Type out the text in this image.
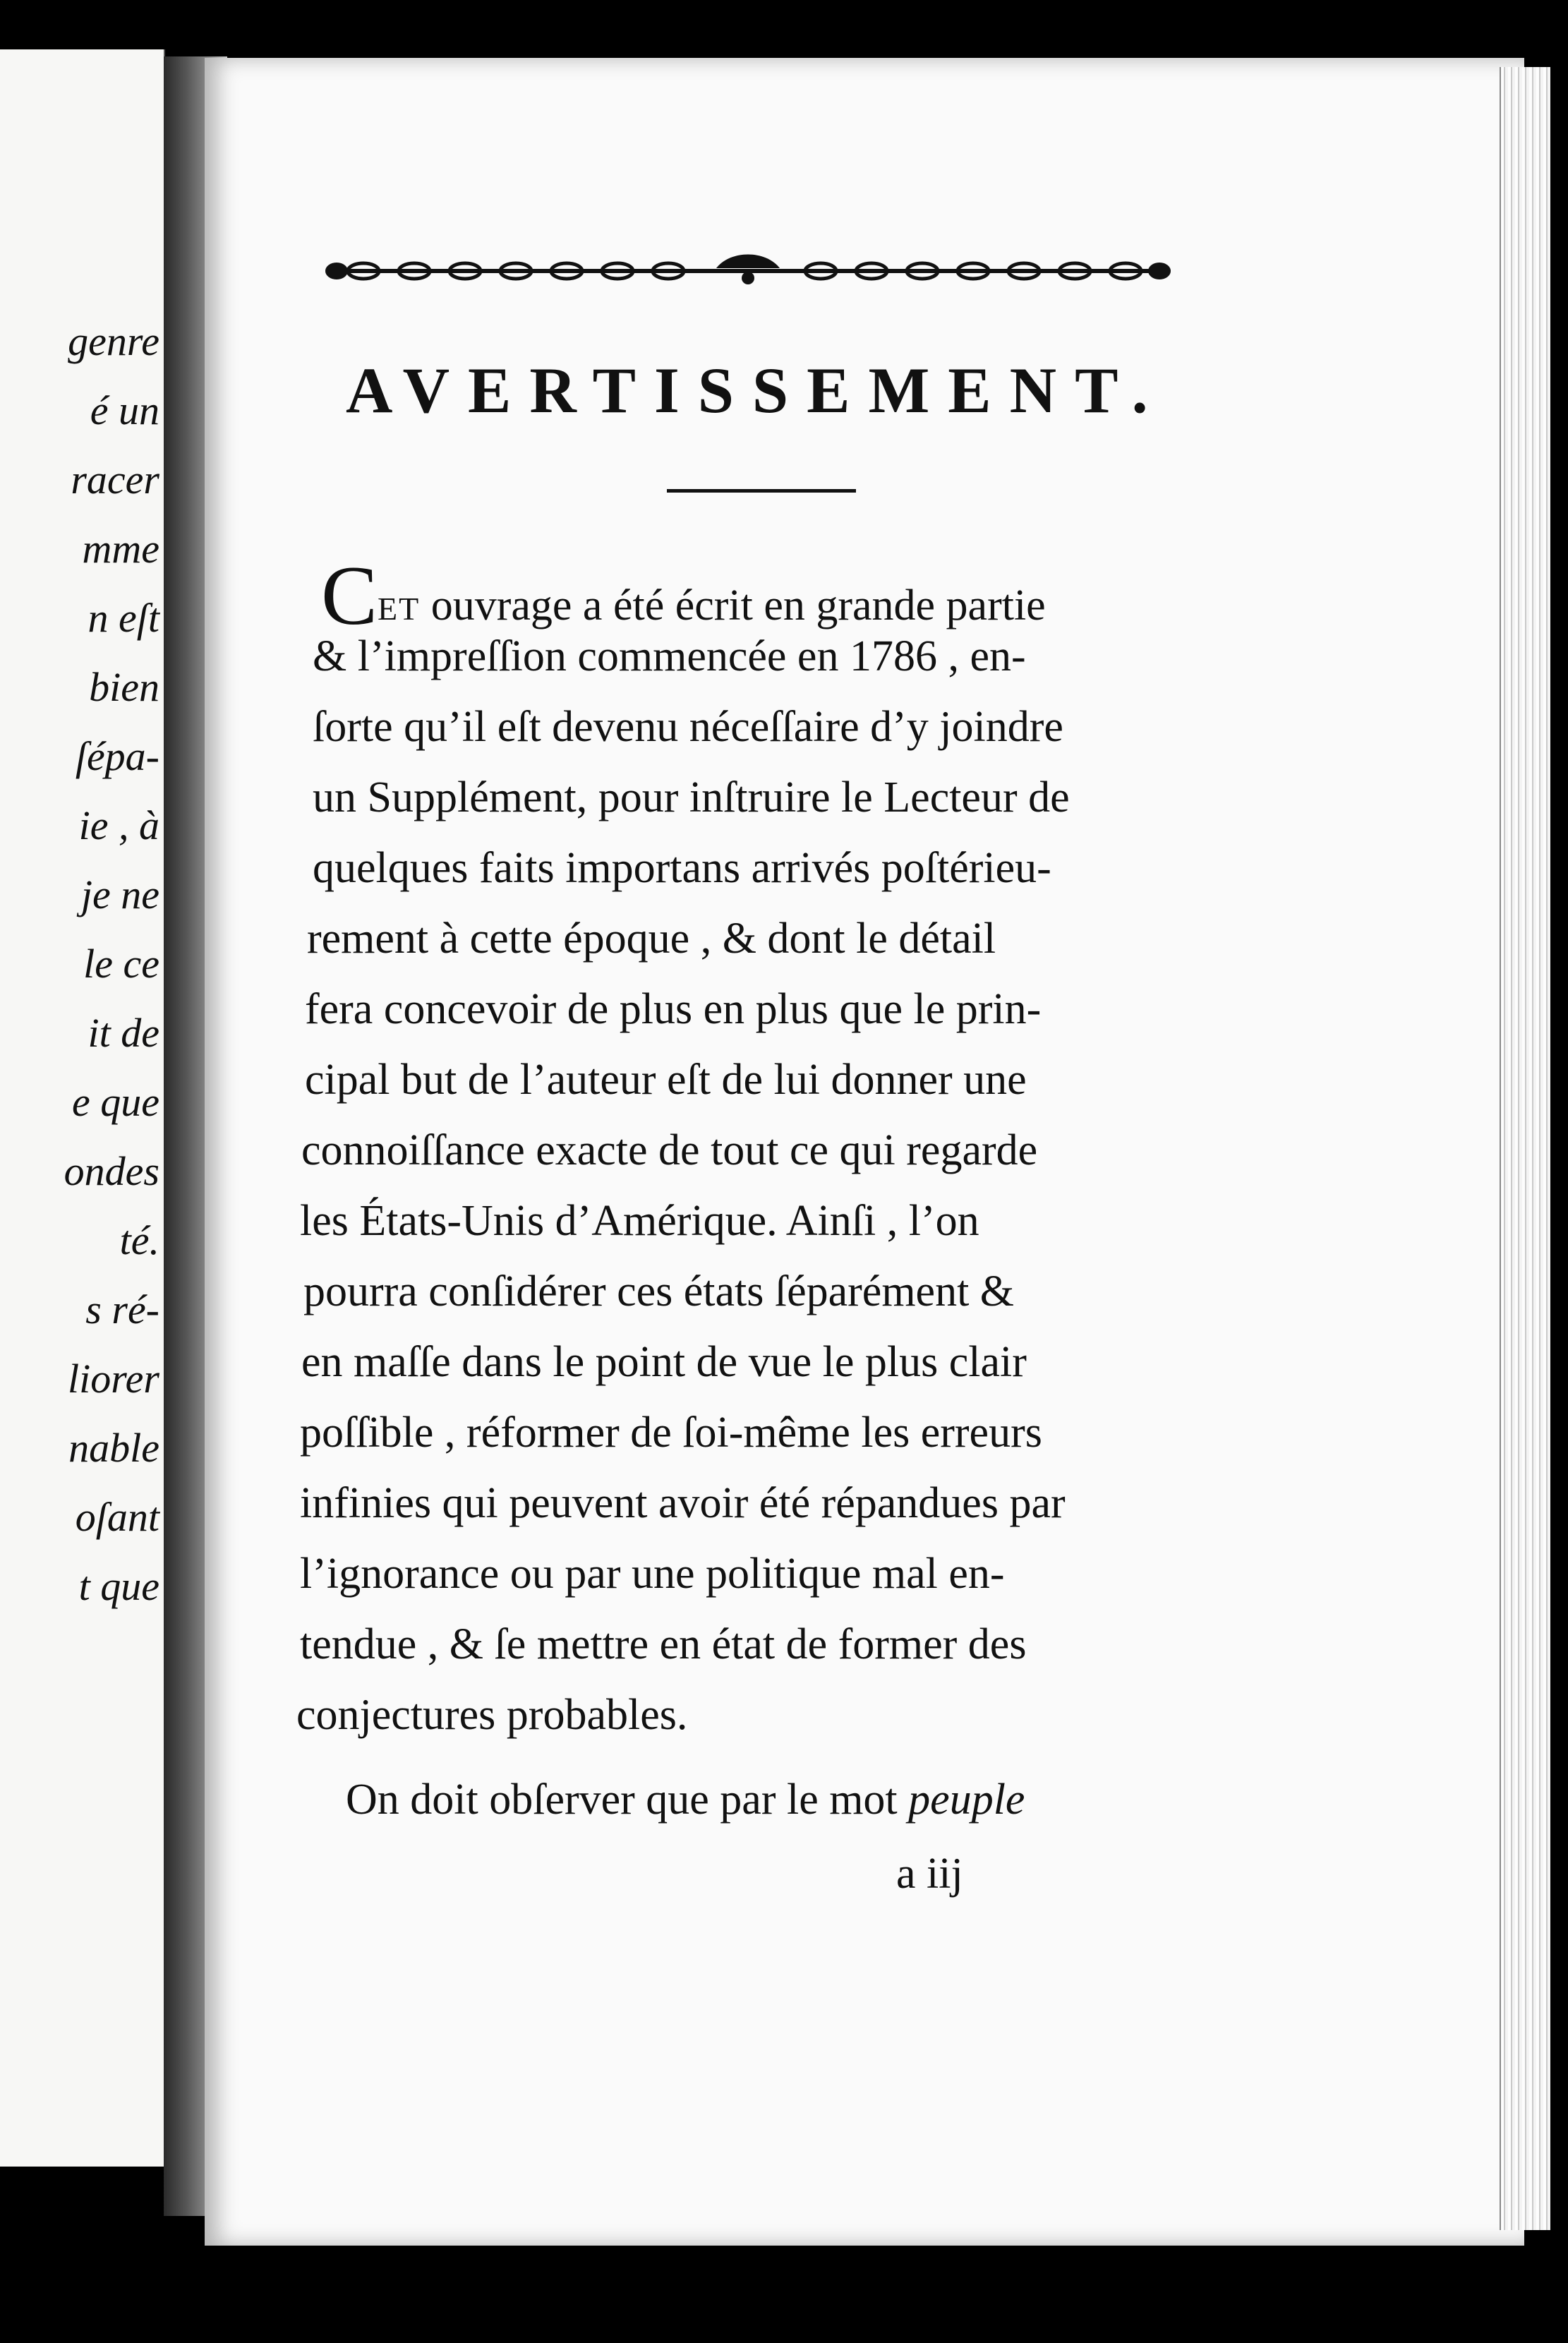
genre
é un
racer
mme
n eſt
bien
ſépa-
ie , à
je ne
le ce
it de
e que
ondes
té.
s ré-
liorer
nable
oſant
t que
AVERTISSEMENT.

CET ouvrage a été écrit en grande partie

& l’impreſſion commencée en 1786 , en-

ſorte qu’il eſt devenu néceſſaire d’y joindre

un Supplément, pour inſtruire le Lecteur de

quelques faits importans arrivés poſtérieu-

rement à cette époque , & dont le détail

fera concevoir de plus en plus que le prin-

cipal but de l’auteur eſt de lui donner une

connoiſſance exacte de tout ce qui regarde

les États-Unis d’Amérique. Ainſi , l’on

pourra conſidérer ces états ſéparément &

en maſſe dans le point de vue le plus clair

poſſible , réformer de ſoi-même les erreurs

infinies qui peuvent avoir été répandues par

l’ignorance ou par une politique mal en-

tendue , & ſe mettre en état de former des

conjectures probables.

On doit obſerver que par le mot peuple

a iij
